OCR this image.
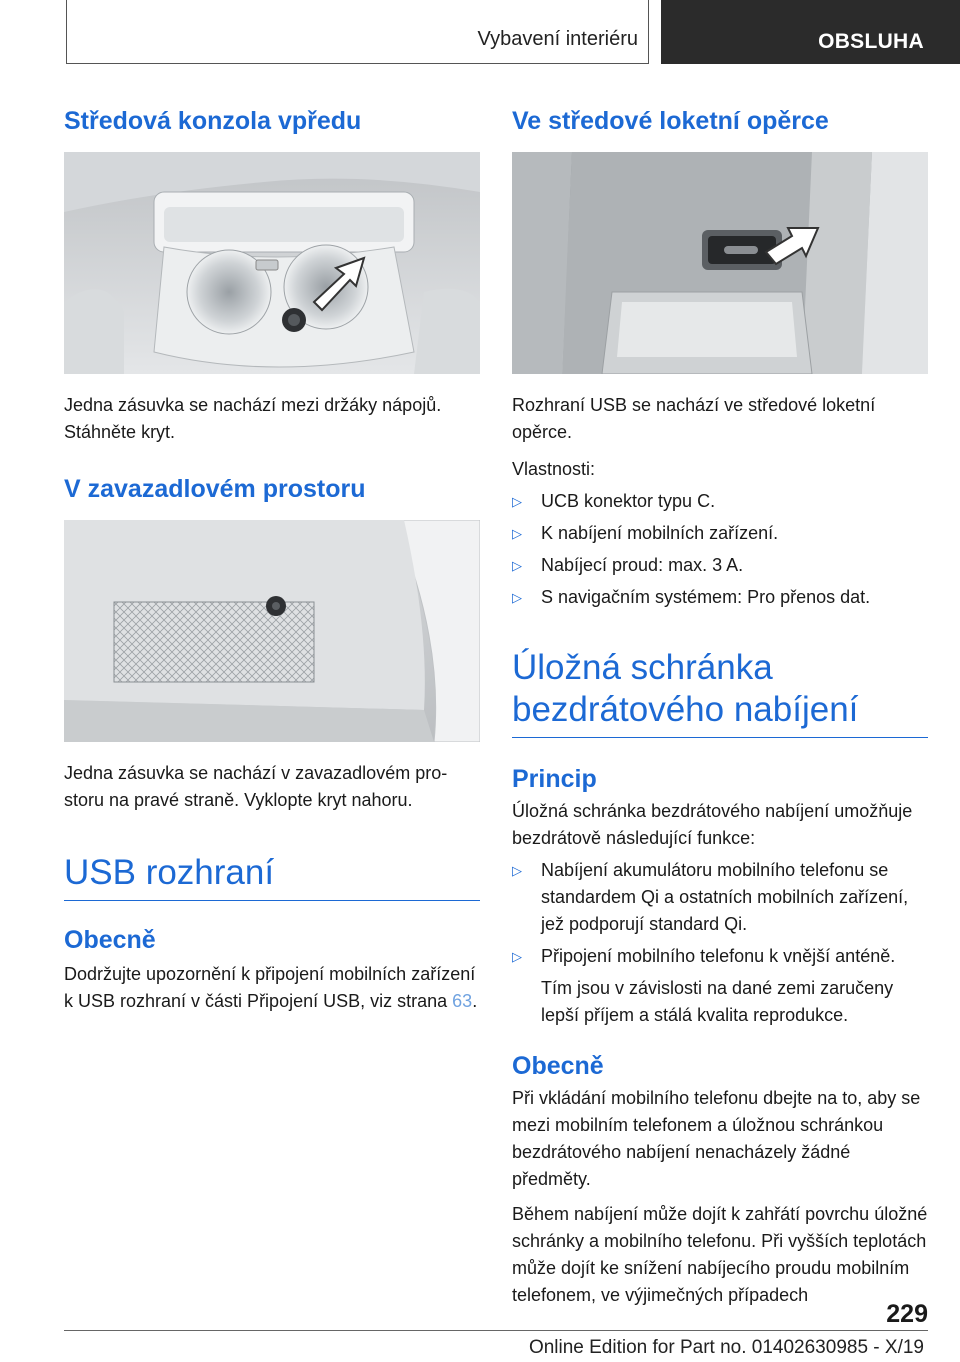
Vybavení interiéru	OBSLUHA
Středová konzola vpředu

Jedna zásuvka se nachází mezi držáky nápojů. Stáhněte kryt.

V zavazadlovém prostoru

Jedna zásuvka se nachází v zavazadlovém prostoru na pravé straně. Vyklopte kryt nahoru.

USB rozhraní
Obecně

Dodržujte upozornění k připojení mobilních zařízení k USB rozhraní v části Připojení USB, viz strana 63.

Ve středové loketní opěrce

Rozhraní USB se nachází ve středové loketní opěrce.

Vlastnosti:

▷ UCB konektor typu C.
▷ K nabíjení mobilních zařízení.
▷ Nabíjecí proud: max. 3 A.
▷ S navigačním systémem: Pro přenos dat.
Úložná schránka bezdrátového nabíjení
Princip

Úložná schránka bezdrátového nabíjení umožňuje bezdrátově následující funkce:

▷ Nabíjení akumulátoru mobilního telefonu se standardem Qi a ostatních mobilních zařízení, jež podporují standard Qi.
▷ Připojení mobilního telefonu k vnější anténě.

Tím jsou v závislosti na dané zemi zaručeny lepší příjem a stálá kvalita reprodukce.

Obecně

Při vkládání mobilního telefonu dbejte na to, aby se mezi mobilním telefonem a úložnou schránkou bezdrátového nabíjení nenacházely žádné předměty.

Během nabíjení může dojít k zahřátí povrchu úložné schránky a mobilního telefonu. Při vyšších teplotách může dojít ke snížení nabíjecího proudu mobilním telefonem, ve výjimečných případech

229
Online Edition for Part no. 01402630985 - X/19
